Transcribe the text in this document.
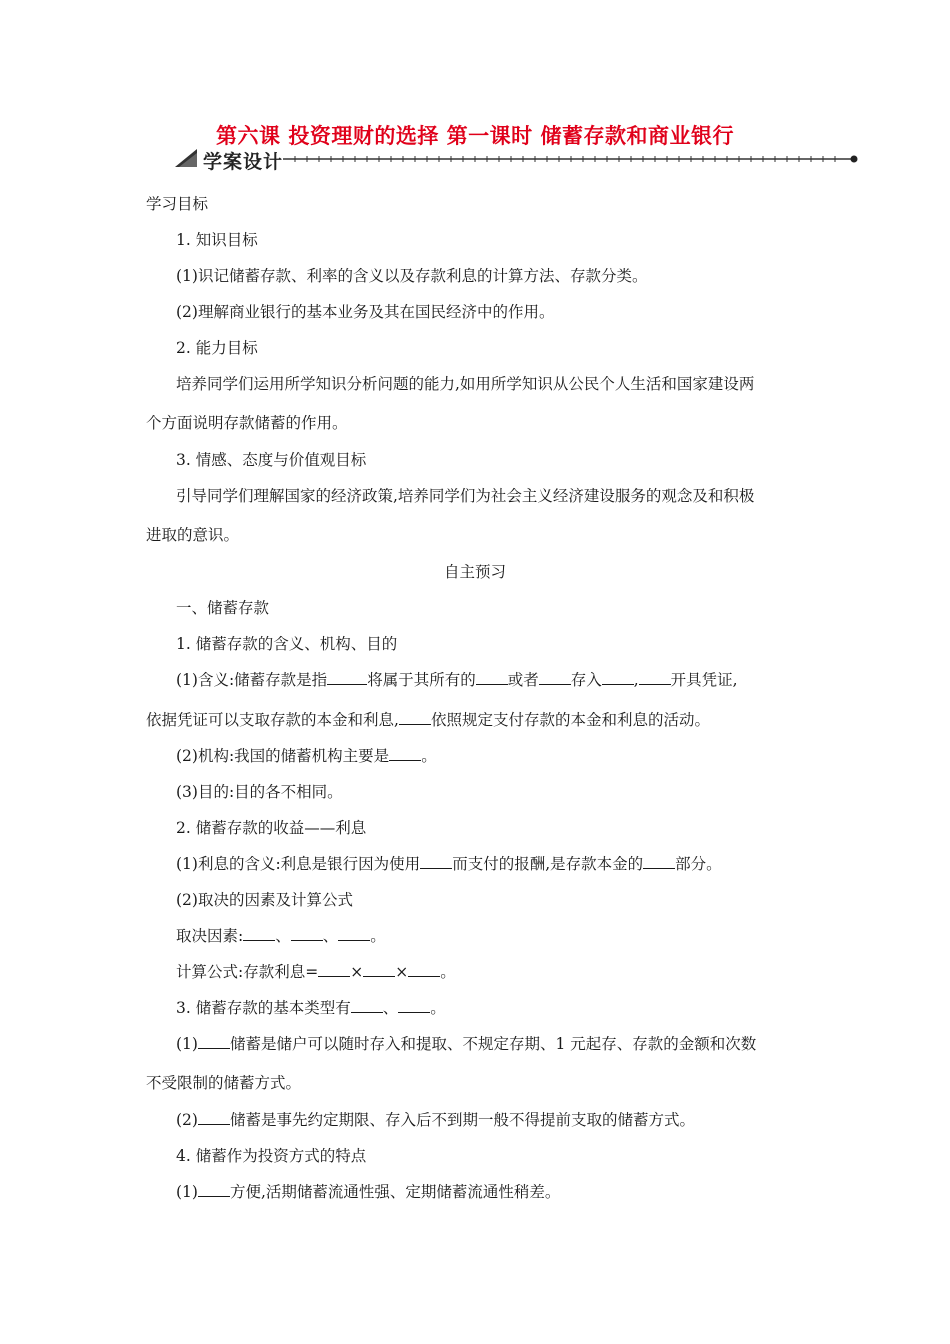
第六课 投资理财的选择 第一课时 储蓄存款和商业银行
学案设计
学习目标
1. 知识目标
(1)识记储蓄存款、利率的含义以及存款利息的计算方法、存款分类。
(2)理解商业银行的基本业务及其在国民经济中的作用。
2. 能力目标
培养同学们运用所学知识分析问题的能力,如用所学知识从公民个人生活和国家建设两
个方面说明存款储蓄的作用。
3. 情感、态度与价值观目标
引导同学们理解国家的经济政策,培养同学们为社会主义经济建设服务的观念及和积极
进取的意识。
自主预习
一、储蓄存款
1. 储蓄存款的含义、机构、目的
(1)含义:储蓄存款是指	将属于其所有的 或者 存入 , 开具凭证,
依据凭证可以支取存款的本金和利息, 依照规定支付存款的本金和利息的活动。
(2)机构:我国的储蓄机构主要是 。
(3)目的:目的各不相同。
2. 储蓄存款的收益——利息
(1)利息的含义:利息是银行因为使用 而支付的报酬,是存款本金的 部分。
(2)取决的因素及计算公式
取决因素: 、 、 。
计算公式:存款利息= × × 。
3. 储蓄存款的基本类型有 、 。
(1) 储蓄是储户可以随时存入和提取、不规定存期、1 元起存、存款的金额和次数
不受限制的储蓄方式。
(2) 储蓄是事先约定期限、存入后不到期一般不得提前支取的储蓄方式。
4. 储蓄作为投资方式的特点
(1) 方便,活期储蓄流通性强、定期储蓄流通性稍差。
